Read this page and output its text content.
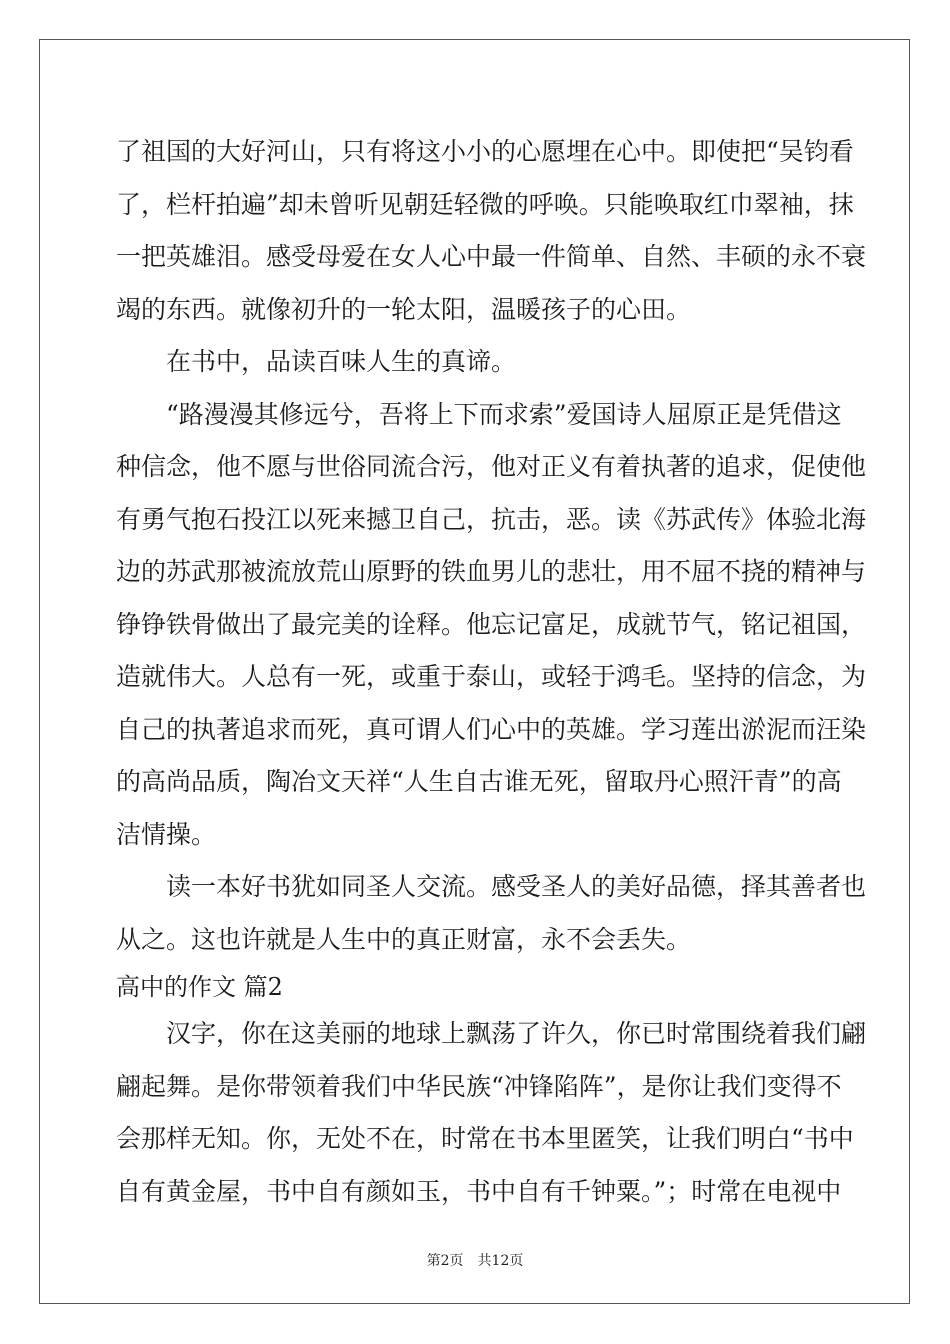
了祖国的大好河山，只有将这小小的心愿埋在心中。即使把“吴钧看
了，栏杆拍遍”却未曾听见朝廷轻微的呼唤。只能唤取红巾翠袖，抹
一把英雄泪。感受母爱在女人心中最一件简单、自然、丰硕的永不衰
竭的东西。就像初升的一轮太阳，温暖孩子的心田。
在书中，品读百味人生的真谛。
“路漫漫其修远兮，吾将上下而求索”爱国诗人屈原正是凭借这
种信念，他不愿与世俗同流合污，他对正义有着执著的追求，促使他
有勇气抱石投江以死来撼卫自己，抗击，恶。读《苏武传》体验北海
边的苏武那被流放荒山原野的铁血男儿的悲壮，用不屈不挠的精神与
铮铮铁骨做出了最完美的诠释。他忘记富足，成就节气，铭记祖国，
造就伟大。人总有一死，或重于泰山，或轻于鸿毛。坚持的信念，为
自己的执著追求而死，真可谓人们心中的英雄。学习莲出淤泥而汪染
的高尚品质，陶冶文天祥“人生自古谁无死，留取丹心照汗青”的高
洁情操。
读一本好书犹如同圣人交流。感受圣人的美好品德，择其善者也
从之。这也许就是人生中的真正财富，永不会丢失。
高中的作文 篇2
汉字，你在这美丽的地球上飘荡了许久，你已时常围绕着我们翩
翩起舞。是你带领着我们中华民族“冲锋陷阵”，是你让我们变得不
会那样无知。你，无处不在，时常在书本里匿笑，让我们明白“书中
自有黄金屋，书中自有颜如玉，书中自有千钟粟。”；时常在电视中
第2页 共12页
